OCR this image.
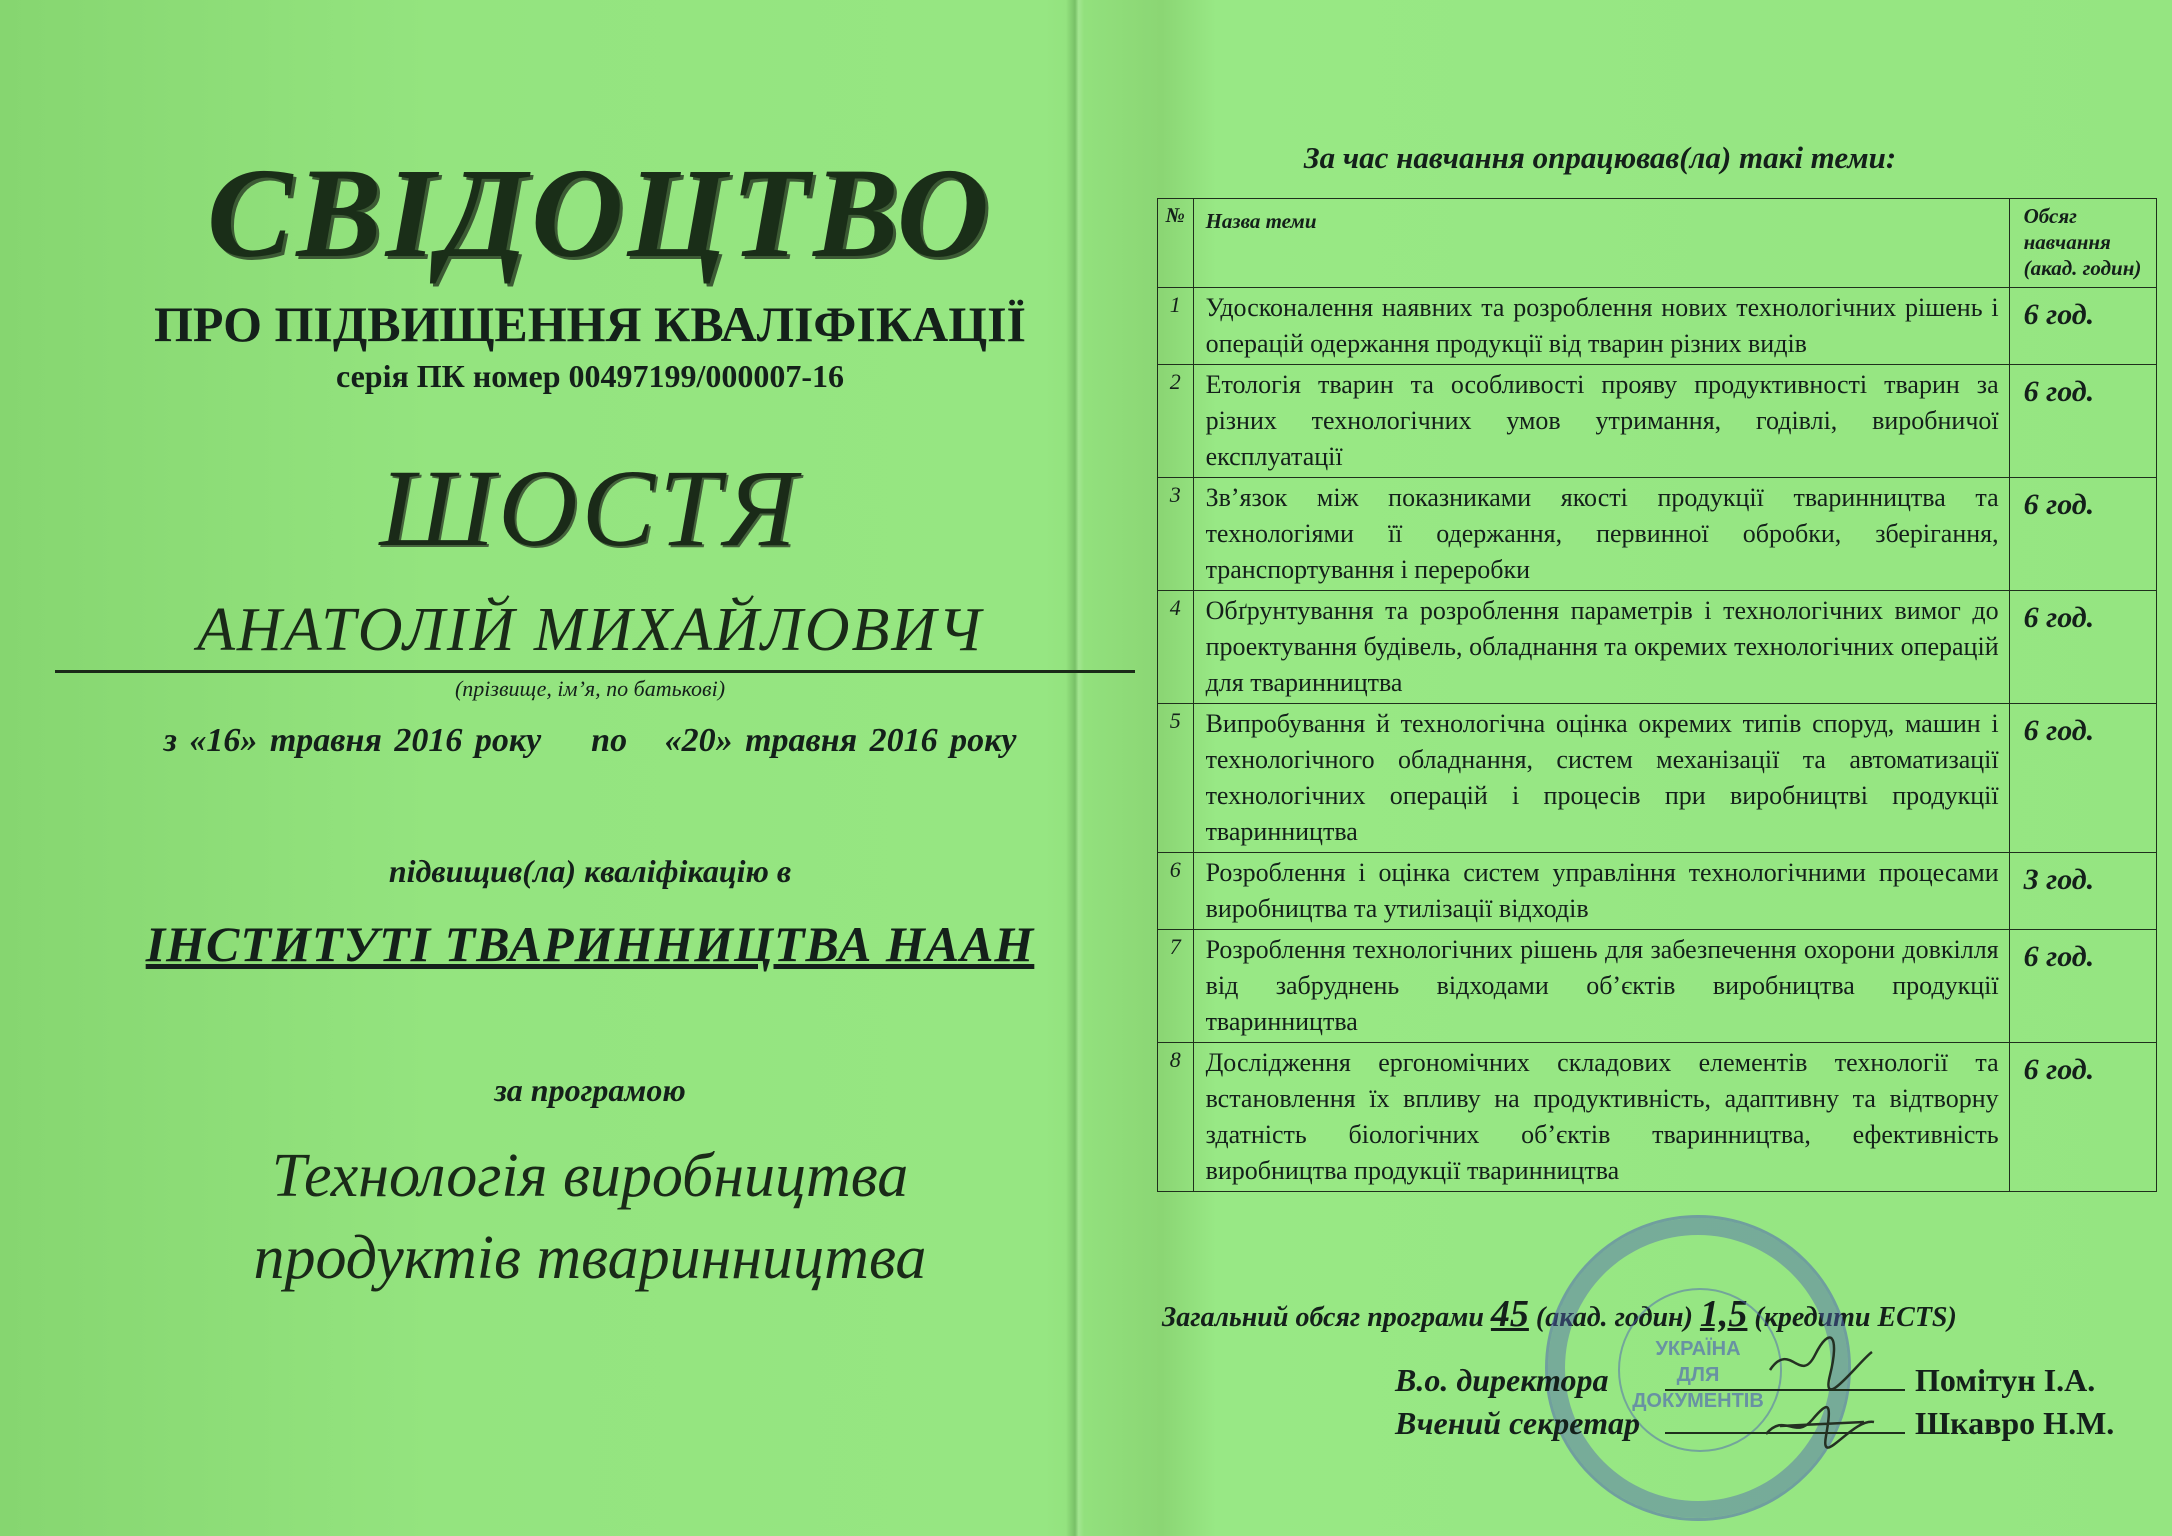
СВІДОЦТВО
ПРО ПІДВИЩЕННЯ КВАЛІФІКАЦІЇ
серія ПК номер 00497199/000007-16
ШОСТЯ
АНАТОЛІЙ МИХАЙЛОВИЧ
(прізвище, ім’я, по батькові)
з «16» травня 2016 року    по   «20» травня 2016 року
підвищив(ла) кваліфікацію в
ІНСТИТУТІ ТВАРИННИЦТВА НААН
за програмою
Технологія виробництва
продуктів тваринництва
За час навчання опрацював(ла) такі теми:
№	Назва теми	Обсяг навчання (акад. годин)
1	Удосконалення наявних та розроблення нових технологічних рішень і операцій одержання продукції від тварин різних видів	6 год.
2	Етологія тварин та особливості прояву продуктивності тварин за різних технологічних умов утримання, годівлі, виробничої експлуатації	6 год.
3	Зв’язок між показниками якості продукції тваринництва та технологіями її одержання, первинної обробки, зберігання, транспортування і переробки	6 год.
4	Обґрунтування та розроблення параметрів і технологічних вимог до проектування будівель, обладнання та окремих технологічних операцій для тваринництва	6 год.
5	Випробування й технологічна оцінка окремих типів споруд, машин і технологічного обладнання, систем механізації та автоматизації технологічних операцій і процесів при виробництві продукції тваринництва	6 год.
6	Розроблення і оцінка систем управління технологічними процесами виробництва та утилізації відходів	3 год.
7	Розроблення технологічних рішень для забезпечення охорони довкілля від забруднень відходами об’єктів виробництва продукції тваринництва	6 год.
8	Дослідження ергономічних складових елементів технології та встановлення їх впливу на продуктивність, адаптивну та відтворну здатність біологічних об’єктів тваринництва, ефективність виробництва продукції тваринництва	6 год.
Загальний обсяг програми 45 (акад. годин) 1,5 (кредити ECTS)
УКРАЇНА
ДЛЯ
ДОКУМЕНТІВ
В.о. директора	Помітун І.А.
Вчений секретар	Шкавро Н.М.
